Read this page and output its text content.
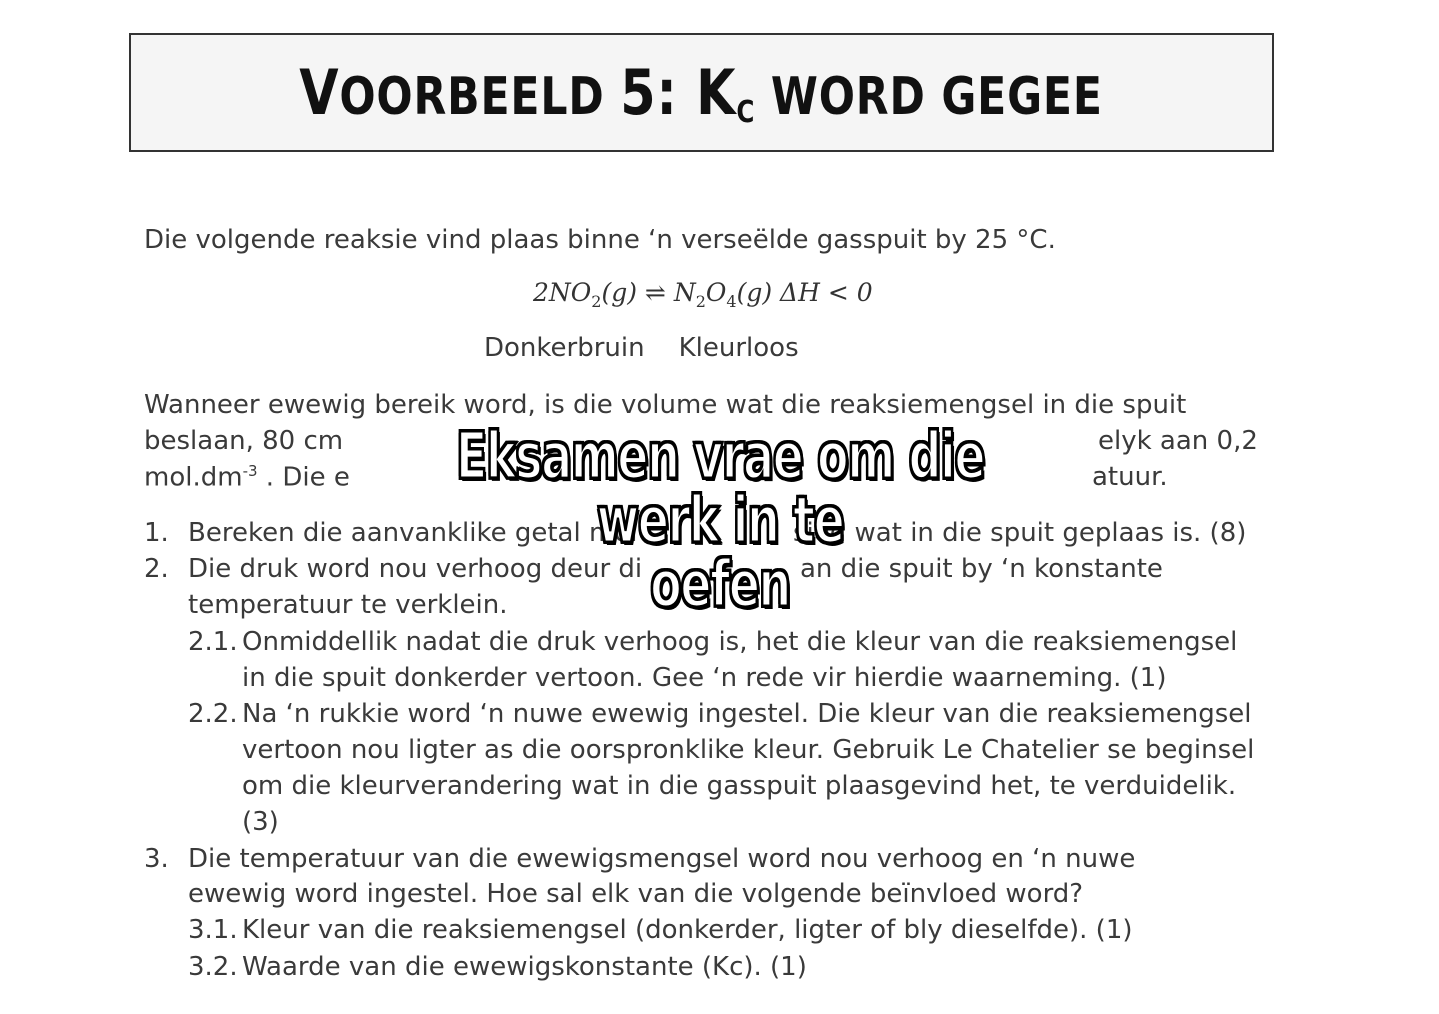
VOORBEELD 5: $K_C$ WORD GEGEE
Die volgende reaksie vind plaas binne ‘n verseëlde gasspuit by 25 °C.
$2NO_2(g)$ ⇌ $N_2O_4(g) \Delta H < 0$
Donkerbruin Kleurloos
Wanneer ewewig bereik word, is die volume wat die reaksiemengsel in die spuit
beslaan, 80 cm	elyk aan 0,2
$mol.dm^{-3}$ . Die e	atuur.
1. Bereken die aanvanklike getal mol	sied wat in die spuit geplaas is. (8)
2. Die druk word nou verhoog deur di	an die spuit by ‘n konstante
temperatuur te verklein.
2.1. Onmiddellik nadat die druk verhoog is, het die kleur van die reaksiemengsel
in die spuit donkerder vertoon. Gee ‘n rede vir hierdie waarneming. (1)
2.2. Na ‘n rukkie word ‘n nuwe ewewig ingestel. Die kleur van die reaksiemengsel
vertoon nou ligter as die oorspronklike kleur. Gebruik Le Chatelier se beginsel
om die kleurverandering wat in die gasspuit plaasgevind het, te verduidelik.
(3)
3. Die temperatuur van die ewewigsmengsel word nou verhoog en ‘n nuwe
ewewig word ingestel. Hoe sal elk van die volgende beïnvloed word?
3.1. Kleur van die reaksiemengsel (donkerder, ligter of bly dieselfde). (1)
3.2. Waarde van die ewewigskonstante (Kc). (1)
Eksamen vrae om die werk in te
oefen
